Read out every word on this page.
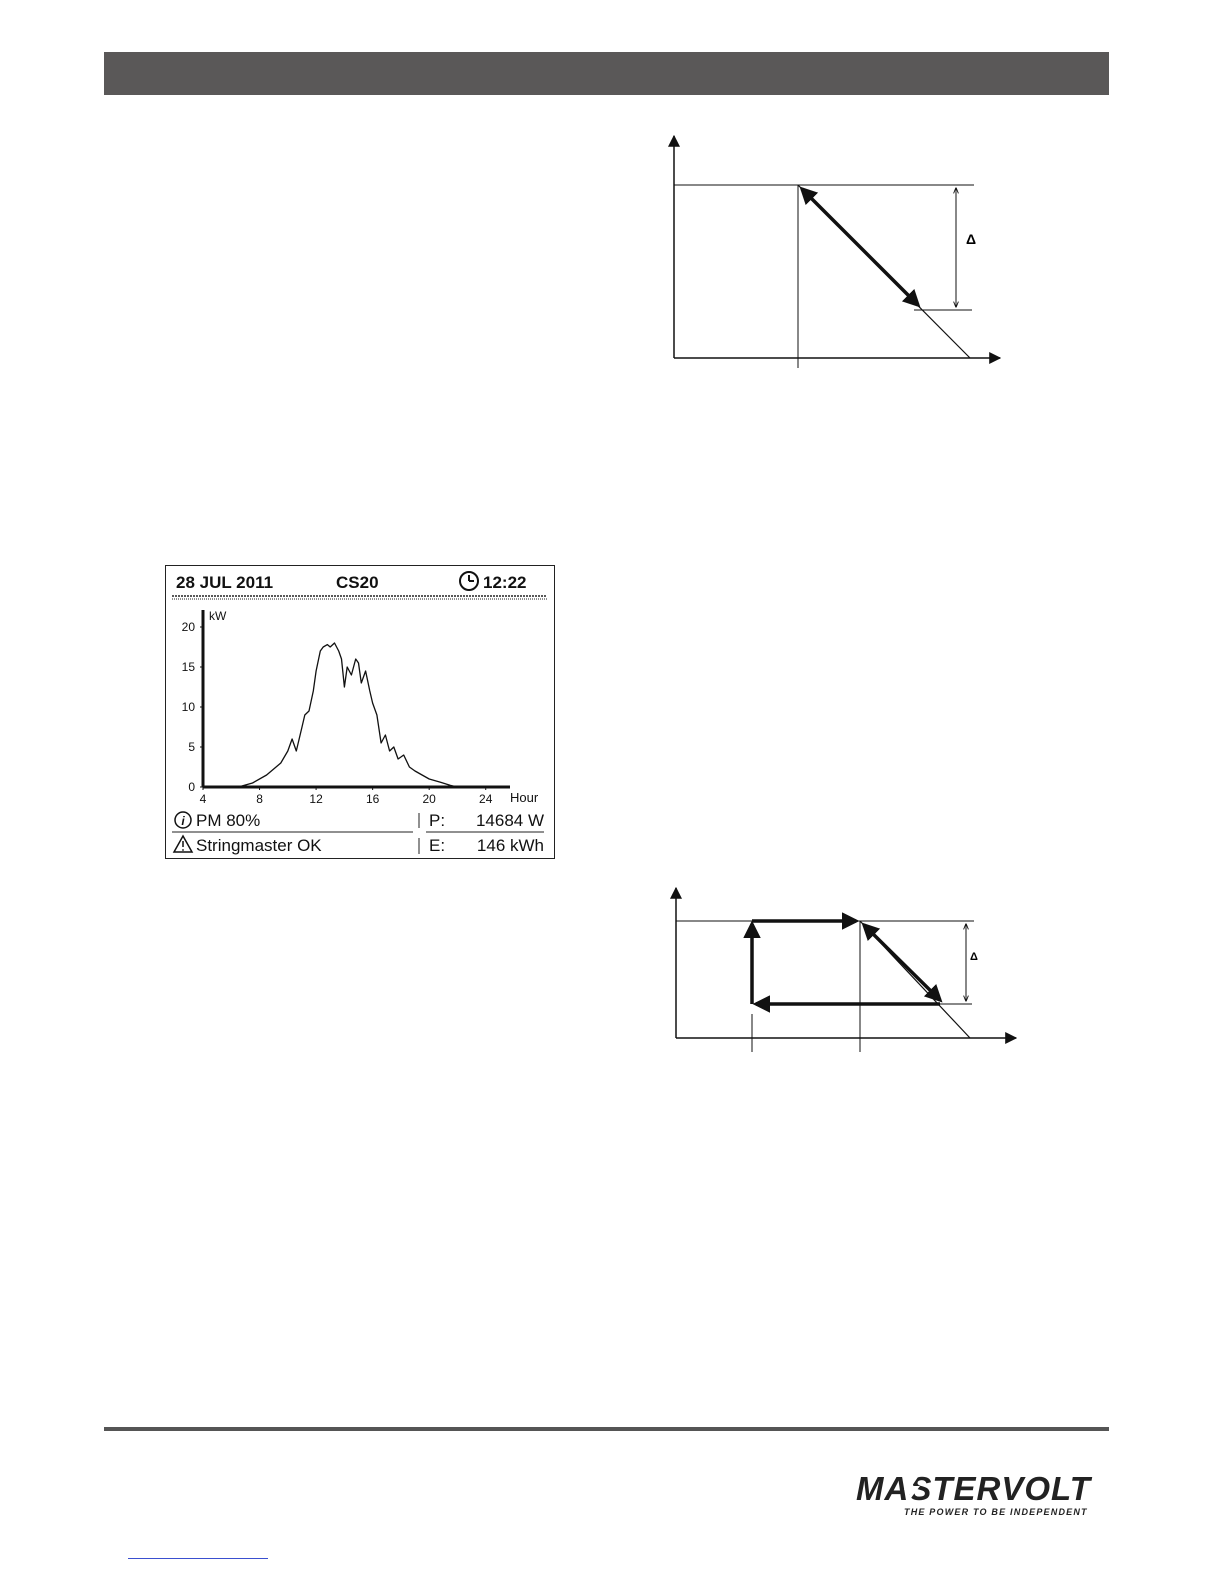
Δ
28 JUL 2011	CS20	12:22
0
5
10
15
20
4	8	12	16	20	24
kW
Hour
i PM 80%	P: 14684 W
Stringmaster OK	E: 146 kWh
Δ
MASTERVOLT
THE POWER TO BE INDEPENDENT
